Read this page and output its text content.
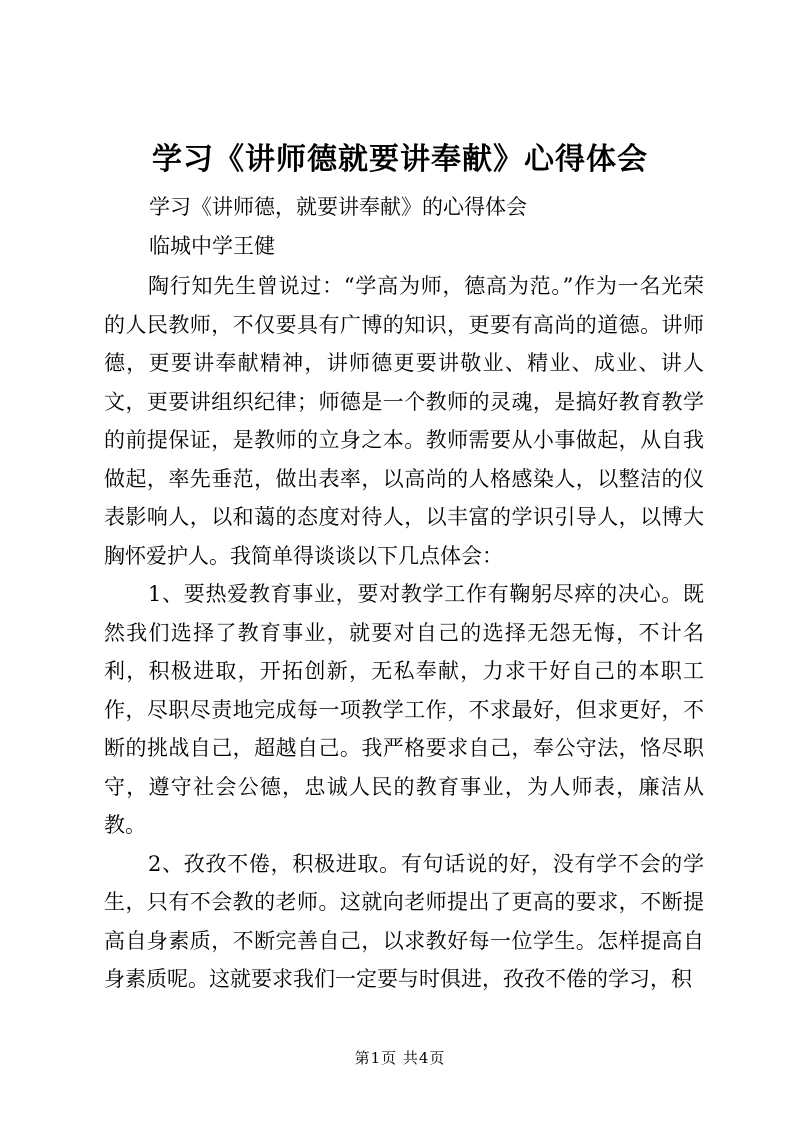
学习《讲师德就要讲奉献》心得体会
学习《讲师德，就要讲奉献》的心得体会
临城中学王健

陶行知先生曾说过：“学高为师，德高为范。”作为一名光荣的人民教师，不仅要具有广博的知识，更要有高尚的道德。讲师德，更要讲奉献精神，讲师德更要讲敬业、精业、成业、讲人文，更要讲组织纪律；师德是一个教师的灵魂，是搞好教育教学的前提保证，是教师的立身之本。教师需要从小事做起，从自我做起，率先垂范，做出表率，以高尚的人格感染人，以整洁的仪表影响人，以和蔼的态度对待人，以丰富的学识引导人，以博大胸怀爱护人。我简单得谈谈以下几点体会：

1、要热爱教育事业，要对教学工作有鞠躬尽瘁的决心。既然我们选择了教育事业，就要对自己的选择无怨无悔，不计名利，积极进取，开拓创新，无私奉献，力求干好自己的本职工作，尽职尽责地完成每一项教学工作，不求最好，但求更好，不断的挑战自己，超越自己。我严格要求自己，奉公守法，恪尽职守，遵守社会公德，忠诚人民的教育事业，为人师表，廉洁从教。

2、孜孜不倦，积极进取。有句话说的好，没有学不会的学生，只有不会教的老师。这就向老师提出了更高的要求，不断提高自身素质，不断完善自己，以求教好每一位学生。怎样提高自身素质呢。这就要求我们一定要与时俱进，孜孜不倦的学习，积

第1页 共4页
